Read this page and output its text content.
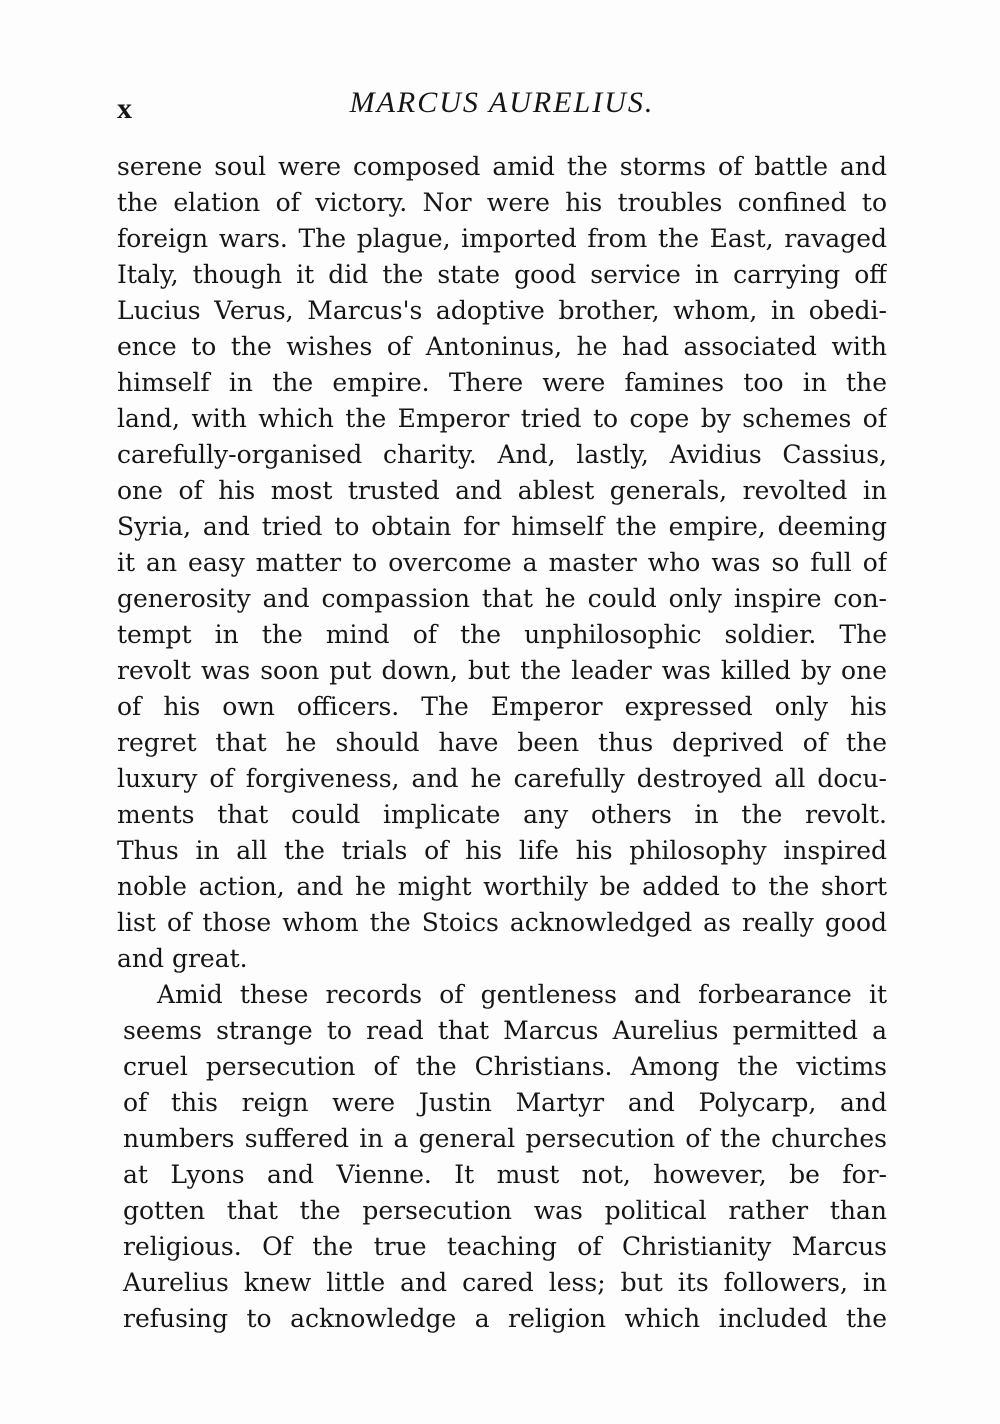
x	MARCUS AURELIUS.
serene soul were composed amid the storms of battle and
the elation of victory. Nor were his troubles confined to
foreign wars. The plague, imported from the East, ravaged
Italy, though it did the state good service in carrying off
Lucius Verus, Marcus's adoptive brother, whom, in obedi-
ence to the wishes of Antoninus, he had associated with
himself in the empire. There were famines too in the
land, with which the Emperor tried to cope by schemes of
carefully-organised charity. And, lastly, Avidius Cassius,
one of his most trusted and ablest generals, revolted in
Syria, and tried to obtain for himself the empire, deeming
it an easy matter to overcome a master who was so full of
generosity and compassion that he could only inspire con-
tempt in the mind of the unphilosophic soldier. The
revolt was soon put down, but the leader was killed by one
of his own officers. The Emperor expressed only his
regret that he should have been thus deprived of the
luxury of forgiveness, and he carefully destroyed all docu-
ments that could implicate any others in the revolt.
Thus in all the trials of his life his philosophy inspired
noble action, and he might worthily be added to the short
list of those whom the Stoics acknowledged as really good
and great.
Amid these records of gentleness and forbearance it
seems strange to read that Marcus Aurelius permitted a
cruel persecution of the Christians. Among the victims
of this reign were Justin Martyr and Polycarp, and
numbers suffered in a general persecution of the churches
at Lyons and Vienne. It must not, however, be for-
gotten that the persecution was political rather than
religious. Of the true teaching of Christianity Marcus
Aurelius knew little and cared less; but its followers, in
refusing to acknowledge a religion which included the
